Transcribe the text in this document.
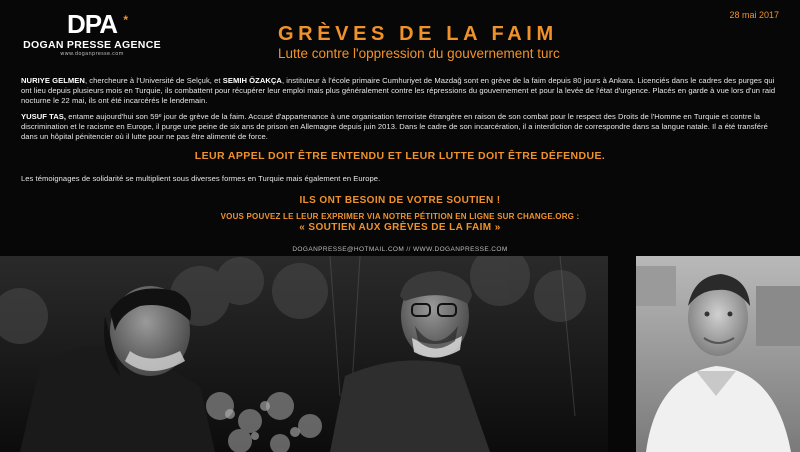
DPA *
DOGAN PRESSE AGENCE
www.doganpresse.com
28 mai 2017
GRÈVES DE LA FAIM
Lutte contre l'oppression du gouvernement turc
NURIYE GELMEN, chercheure à l'Université de Selçuk, et SEMIH ÖZAKÇA, instituteur à l'école primaire Cumhuriyet de Mazdağ sont en grève de la faim depuis 80 jours à Ankara. Licenciés dans le cadres des purges qui ont lieu depuis plusieurs mois en Turquie, ils combattent pour récupérer leur emploi mais plus généralement contre les répressions du gouvernement et pour la levée de l'état d'urgence. Placés en garde à vue lors d'un raid nocturne le 22 mai, ils ont été incarcérés le lendemain.
YUSUF TAS, entame aujourd'hui son 59ᵉ jour de grève de la faim. Accusé d'appartenance à une organisation terroriste étrangère en raison de son combat pour le respect des Droits de l'Homme en Turquie et contre la discrimination et le racisme en Europe, il purge une peine de six ans de prison en Allemagne depuis juin 2013. Dans le cadre de son incarcération, il a interdiction de correspondre dans sa langue natale. Il a été transféré dans un hôpital pénitencier où il lutte pour ne pas être alimenté de force.
LEUR APPEL DOIT ÊTRE ENTENDU ET LEUR LUTTE DOIT ÊTRE DÉFENDUE.
Les témoignages de solidarité se multiplient sous diverses formes en Turquie mais également en Europe.
ILS ONT BESOIN DE VOTRE SOUTIEN !
VOUS POUVEZ LE LEUR EXPRIMER VIA NOTRE PÉTITION EN LIGNE SUR CHANGE.ORG :
« SOUTIEN AUX GRÈVES DE LA FAIM »
DOGANPRESSE@HOTMAIL.COM // WWW.DOGANPRESSE.COM
